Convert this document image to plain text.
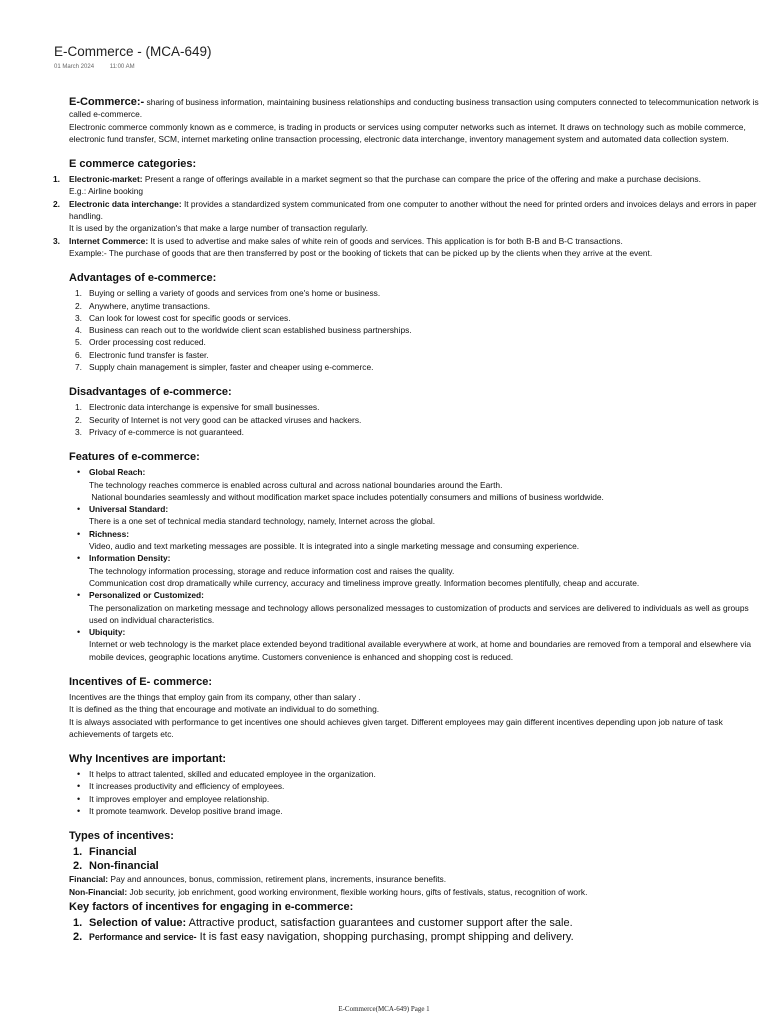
E-Commerce - (MCA-649)
01 March 2024	11:00 AM

E-Commerce:- sharing of business information, maintaining business relationships and conducting business transaction using computers connected to telecommunication network is called e-commerce.

Electronic commerce commonly known as e commerce, is trading in products or services using computer networks such as internet. It draws on technology such as mobile commerce, electronic fund transfer, SCM, internet marketing online transaction processing, electronic data interchange, inventory management system and automated data collection system.

E commerce categories:
1. Electronic-market: Present a range of offerings available in a market segment so that the purchase can compare the price of the offering and make a purchase decisions.

E.g.: Airline booking

2. Electronic data interchange: It provides a standardized system communicated from one computer to another without the need for printed orders and invoices delays and errors in paper handling.

It is used by the organization's that make a large number of transaction regularly.

3. Internet Commerce: It is used to advertise and make sales of white rein of goods and services. This application is for both B-B and B-C transactions.

Example:- The purchase of goods that are then transferred by post or the booking of tickets that can be picked up by the clients when they arrive at the event.

Advantages of e-commerce:
1. Buying or selling a variety of goods and services from one's home or business.
2. Anywhere, anytime transactions.
3. Can look for lowest cost for specific goods or services.
4. Business can reach out to the worldwide client scan established business partnerships.
5. Order processing cost reduced.
6. Electronic fund transfer is faster.
7. Supply chain management is simpler, faster and cheaper using e-commerce.
Disadvantages of e-commerce:
1. Electronic data interchange is expensive for small businesses.
2. Security of Internet is not very good can be attacked viruses and hackers.
3. Privacy of e-commerce is not guaranteed.
Features of e-commerce:
• Global Reach:

The technology reaches commerce is enabled across cultural and across national boundaries around the Earth.

National boundaries seamlessly and without modification market space includes potentially consumers and millions of business worldwide.

• Universal Standard:

There is a one set of technical media standard technology, namely, Internet across the global.

• Richness:

Video, audio and text marketing messages are possible. It is integrated into a single marketing message and consuming experience.

• Information Density:

The technology information processing, storage and reduce information cost and raises the quality.

Communication cost drop dramatically while currency, accuracy and timeliness improve greatly. Information becomes plentifully, cheap and accurate.

• Personalized or Customized:

The personalization on marketing message and technology allows personalized messages to customization of products and services are delivered to individuals as well as groups used on individual characteristics.

• Ubiquity:

Internet or web technology is the market place extended beyond traditional available everywhere at work, at home and boundaries are removed from a temporal and elsewhere via mobile devices, geographic locations anytime. Customers convenience is enhanced and shopping cost is reduced.

Incentives of E- commerce:

Incentives are the things that employ gain from its company, other than salary .

It is defined as the thing that encourage and motivate an individual to do something.

It is always associated with performance to get incentives one should achieves given target. Different employees may gain different incentives depending upon job nature of task achievements of targets etc.

Why Incentives are important:
• It helps to attract talented, skilled and educated employee in the organization.
• It increases productivity and efficiency of employees.
• It improves employer and employee relationship.
• It promote teamwork. Develop positive brand image.
Types of incentives:
1. Financial
2. Non-financial

Financial: Pay and announces, bonus, commission, retirement plans, increments, insurance benefits.

Non-Financial: Job security, job enrichment, good working environment, flexible working hours, gifts of festivals, status, recognition of work.

Key factors of incentives for engaging in e-commerce:
1. Selection of value: Attractive product, satisfaction guarantees and customer support after the sale.
2. Performance and service- It is fast easy navigation, shopping purchasing, prompt shipping and delivery.
E-Commerce(MCA-649) Page 1
